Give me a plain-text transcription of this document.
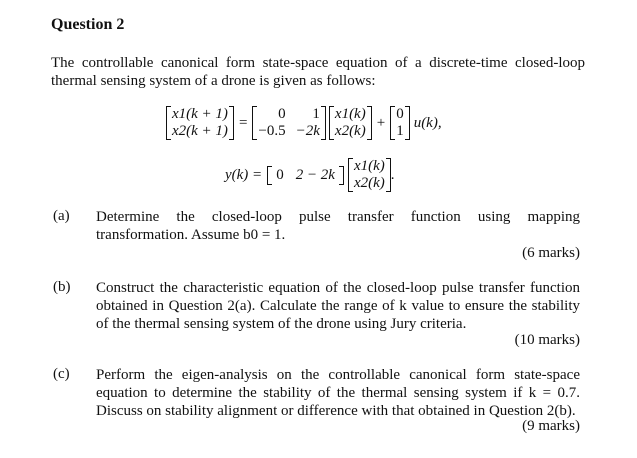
Question 2

The controllable canonical form state-space equation of a discrete-time closed-loop thermal sensing system of a drone is given as follows:

x1(k + 1)
x2(k + 1)
=
0	1
−0.5 −2k
x1(k)
x2(k)
+
0
1
u(k),
y(k) = 0 2 − 2k
x1(k)
x2(k)
.
(a) Determine the closed-loop pulse transfer function using mapping transformation. Assume b0 = 1.

(6 marks)
(b) Construct the characteristic equation of the closed-loop pulse transfer function obtained in Question 2(a). Calculate the range of k value to ensure the stability of the thermal sensing system of the drone using Jury criteria.

(10 marks)
(c) Perform the eigen-analysis on the controllable canonical form state-space equation to determine the stability of the thermal sensing system if k = 0.7. Discuss on stability alignment or difference with that obtained in Question 2(b).

(9 marks)
